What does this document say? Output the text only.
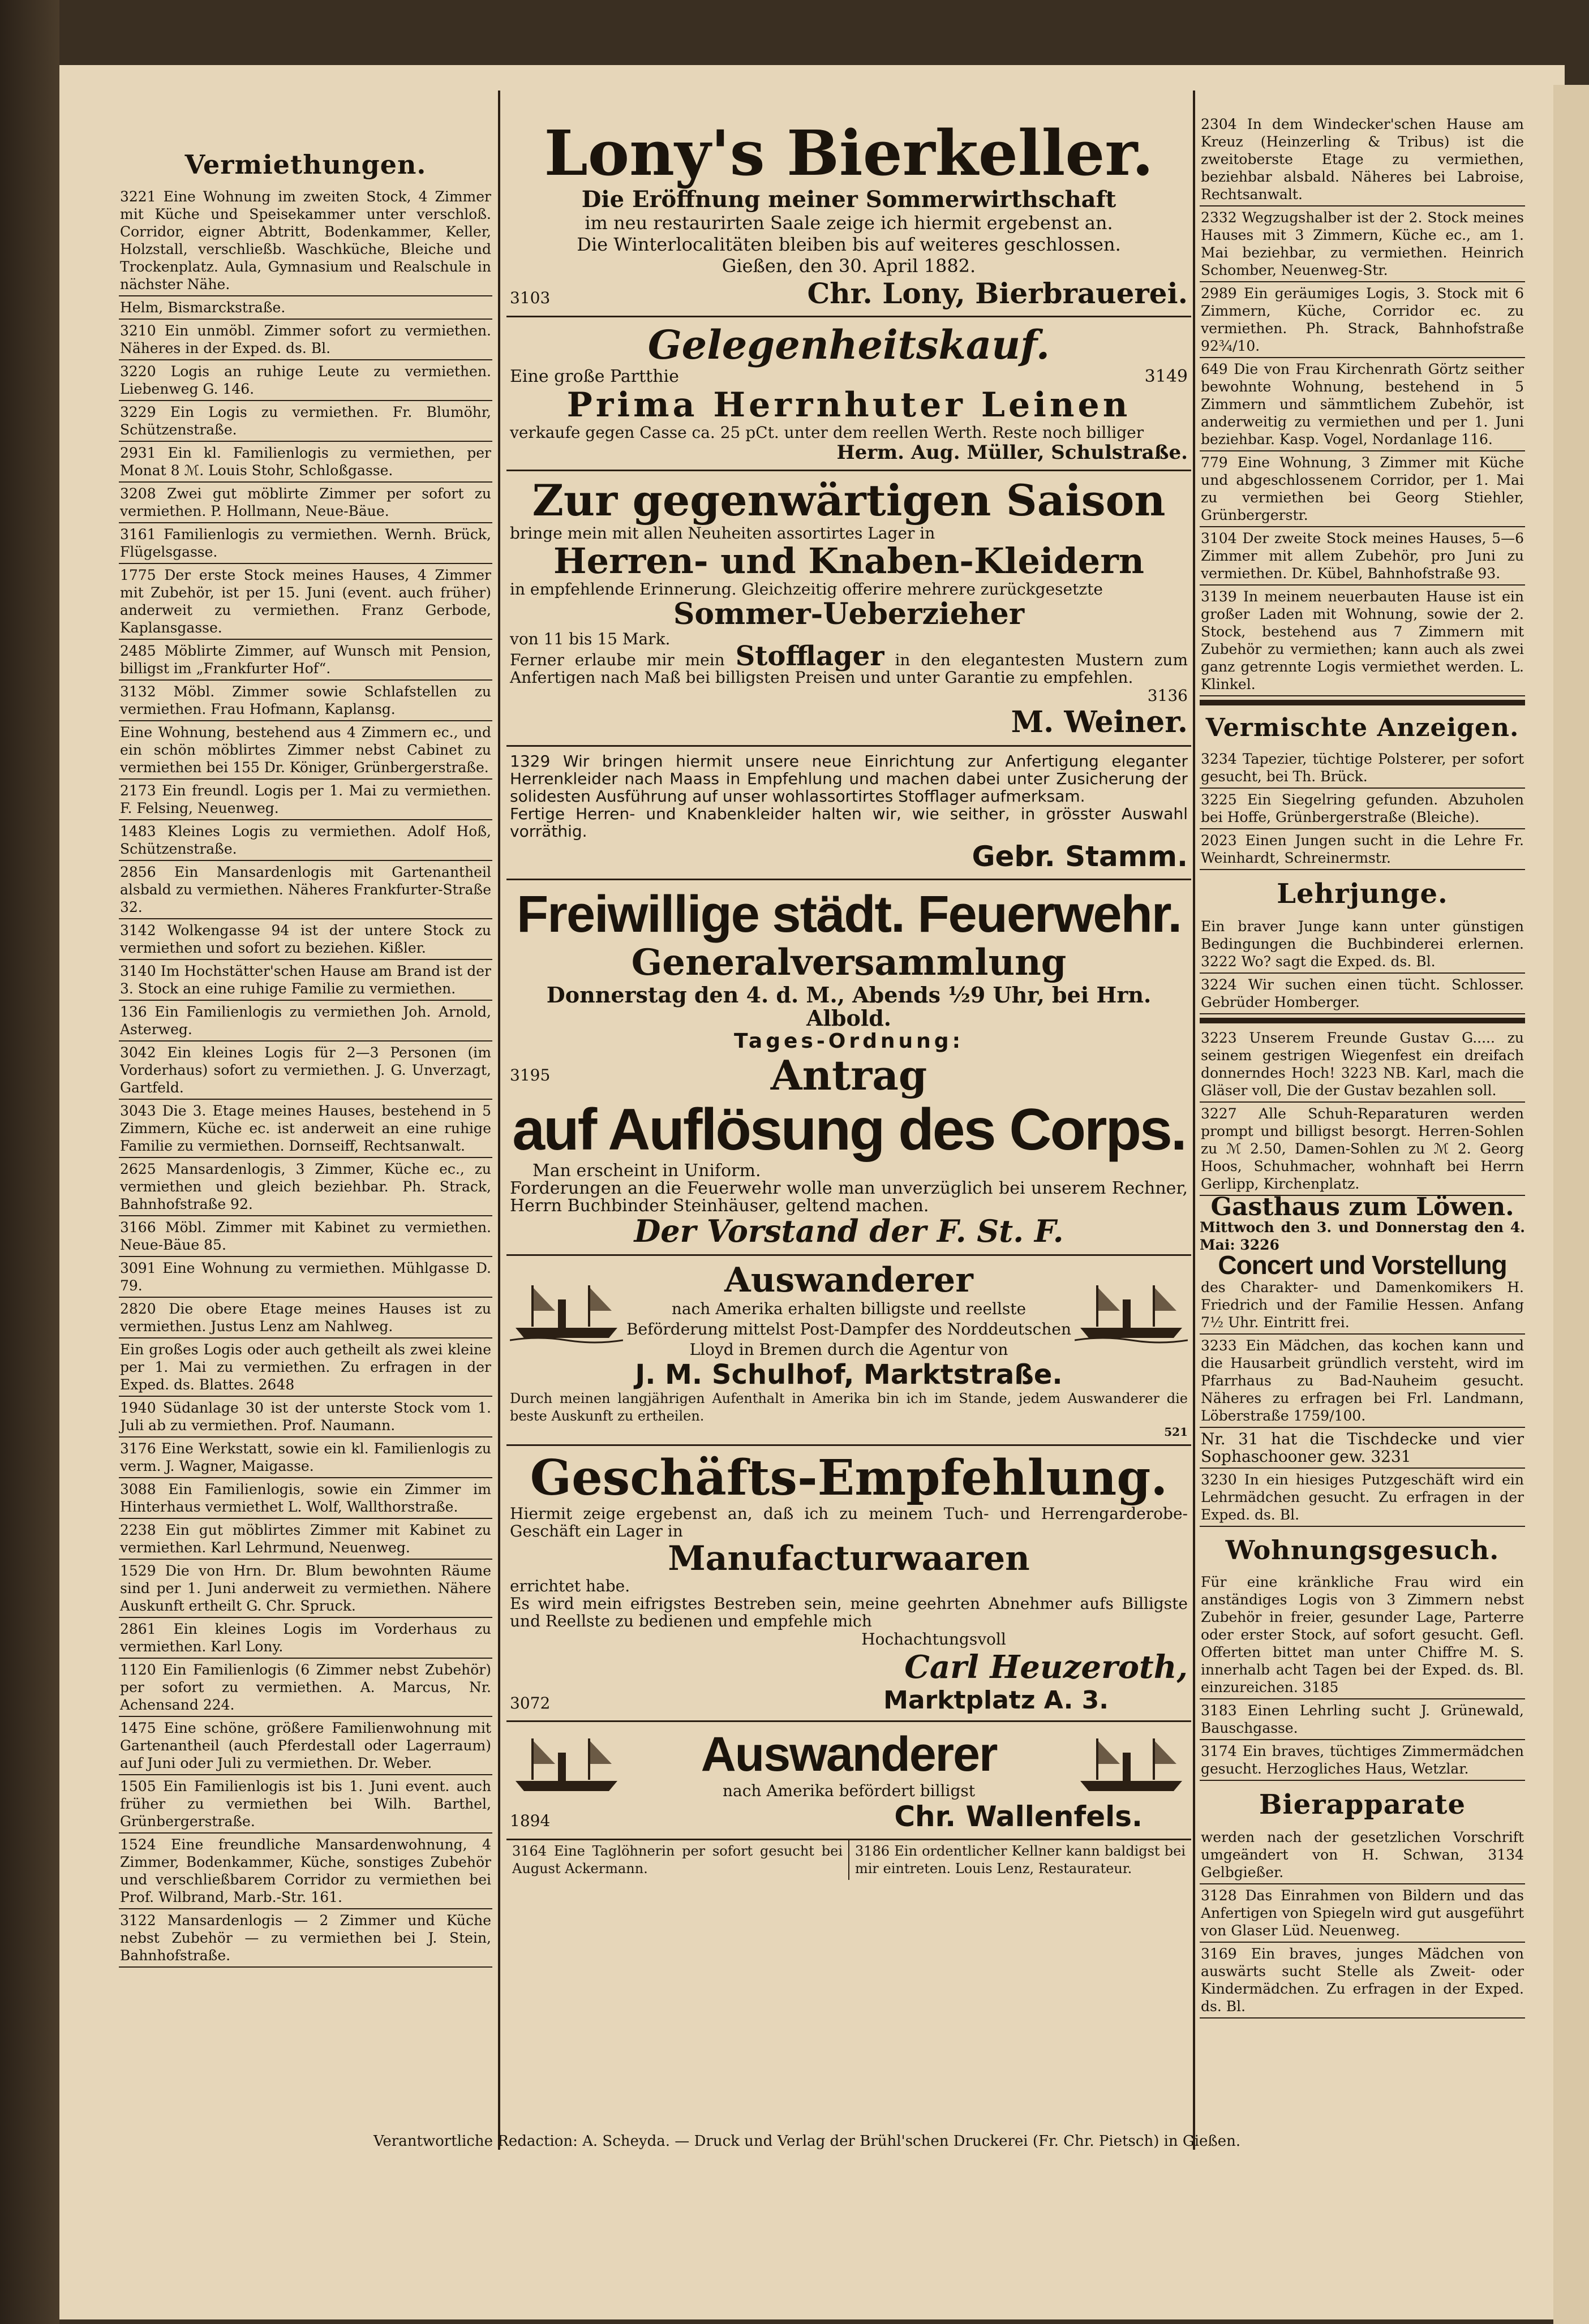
Vermiethungen.
3221 Eine Wohnung im zweiten Stock, 4 Zimmer mit Küche und Speisekammer unter verschloß. Corridor, eigner Abtritt, Bodenkammer, Keller, Holzstall, verschließb. Waschküche, Bleiche und Trockenplatz. Aula, Gymnasium und Realschule in nächster Nähe.
Helm, Bismarckstraße.
3210 Ein unmöbl. Zimmer sofort zu vermiethen. Näheres in der Exped. ds. Bl.
3220 Logis an ruhige Leute zu vermiethen. Liebenweg G. 146.
3229 Ein Logis zu vermiethen. Fr. Blumöhr, Schützenstraße.
2931 Ein kl. Familienlogis zu vermiethen, per Monat 8 ℳ. Louis Stohr, Schloßgasse.
3208 Zwei gut möblirte Zimmer per sofort zu vermiethen. P. Hollmann, Neue-Bäue.
3161 Familienlogis zu vermiethen. Wernh. Brück, Flügelsgasse.
1775 Der erste Stock meines Hauses, 4 Zimmer mit Zubehör, ist per 15. Juni (event. auch früher) anderweit zu vermiethen. Franz Gerbode, Kaplansgasse.
2485 Möblirte Zimmer, auf Wunsch mit Pension, billigst im „Frankfurter Hof“.
3132 Möbl. Zimmer sowie Schlafstellen zu vermiethen. Frau Hofmann, Kaplansg.
Eine Wohnung, bestehend aus 4 Zimmern ec., und ein schön möblirtes Zimmer nebst Cabinet zu vermiethen bei 155 Dr. Königer, Grünbergerstraße.
2173 Ein freundl. Logis per 1. Mai zu vermiethen. F. Felsing, Neuenweg.
1483 Kleines Logis zu vermiethen. Adolf Hoß, Schützenstraße.
2856 Ein Mansardenlogis mit Gartenantheil alsbald zu vermiethen. Näheres Frankfurter-Straße 32.
3142 Wolkengasse 94 ist der untere Stock zu vermiethen und sofort zu beziehen. Kißler.
3140 Im Hochstätter'schen Hause am Brand ist der 3. Stock an eine ruhige Familie zu vermiethen.
136 Ein Familienlogis zu vermiethen Joh. Arnold, Asterweg.
3042 Ein kleines Logis für 2—3 Personen (im Vorderhaus) sofort zu vermiethen. J. G. Unverzagt, Gartfeld.
3043 Die 3. Etage meines Hauses, bestehend in 5 Zimmern, Küche ec. ist anderweit an eine ruhige Familie zu vermiethen. Dornseiff, Rechtsanwalt.
2625 Mansardenlogis, 3 Zimmer, Küche ec., zu vermiethen und gleich beziehbar. Ph. Strack, Bahnhofstraße 92.
3166 Möbl. Zimmer mit Kabinet zu vermiethen. Neue-Bäue 85.
3091 Eine Wohnung zu vermiethen. Mühlgasse D. 79.
2820 Die obere Etage meines Hauses ist zu vermiethen. Justus Lenz am Nahlweg.
Ein großes Logis oder auch getheilt als zwei kleine per 1. Mai zu vermiethen. Zu erfragen in der Exped. ds. Blattes. 2648
1940 Südanlage 30 ist der unterste Stock vom 1. Juli ab zu vermiethen. Prof. Naumann.
3176 Eine Werkstatt, sowie ein kl. Familienlogis zu verm. J. Wagner, Maigasse.
3088 Ein Familienlogis, sowie ein Zimmer im Hinterhaus vermiethet L. Wolf, Wallthorstraße.
2238 Ein gut möblirtes Zimmer mit Kabinet zu vermiethen. Karl Lehrmund, Neuenweg.
1529 Die von Hrn. Dr. Blum bewohnten Räume sind per 1. Juni anderweit zu vermiethen. Nähere Auskunft ertheilt G. Chr. Spruck.
2861 Ein kleines Logis im Vorderhaus zu vermiethen. Karl Lony.
1120 Ein Familienlogis (6 Zimmer nebst Zubehör) per sofort zu vermiethen. A. Marcus, Nr. Achensand 224.
1475 Eine schöne, größere Familienwohnung mit Gartenantheil (auch Pferdestall oder Lagerraum) auf Juni oder Juli zu vermiethen. Dr. Weber.
1505 Ein Familienlogis ist bis 1. Juni event. auch früher zu vermiethen bei Wilh. Barthel, Grünbergerstraße.
1524 Eine freundliche Mansardenwohnung, 4 Zimmer, Bodenkammer, Küche, sonstiges Zubehör und verschließbarem Corridor zu vermiethen bei Prof. Wilbrand, Marb.-Str. 161.
3122 Mansardenlogis — 2 Zimmer und Küche nebst Zubehör — zu vermiethen bei J. Stein, Bahnhofstraße.
Lony's Bierkeller.
Die Eröffnung meiner Sommerwirthschaft
im neu restaurirten Saale zeige ich hiermit ergebenst an.
Die Winterlocalitäten bleiben bis auf weiteres geschlossen.
Gießen, den 30. April 1882.
3103	Chr. Lony, Bierbrauerei.
Gelegenheitskauf.
Eine große Partthie	3149
Prima Herrnhuter Leinen
verkaufe gegen Casse ca. 25 pCt. unter dem reellen Werth. Reste noch billiger
Herm. Aug. Müller, Schulstraße.
Zur gegenwärtigen Saison
bringe mein mit allen Neuheiten assortirtes Lager in
Herren- und Knaben-Kleidern
in empfehlende Erinnerung. Gleichzeitig offerire mehrere zurückgesetzte
Sommer-Ueberzieher
von 11 bis 15 Mark.
Ferner erlaube mir mein Stofflager in den elegantesten Mustern zum Anfertigen nach Maß bei billigsten Preisen und unter Garantie zu empfehlen.
3136
M. Weiner.
1329 Wir bringen hiermit unsere neue Einrichtung zur Anfertigung eleganter Herrenkleider nach Maass in Empfehlung und machen dabei unter Zusicherung der solidesten Ausführung auf unser wohlassortirtes Stofflager aufmerksam.
Fertige Herren- und Knabenkleider halten wir, wie seither, in grösster Auswahl vorräthig.
Gebr. Stamm.
Freiwillige städt. Feuerwehr.
Generalversammlung
Donnerstag den 4. d. M., Abends ½9 Uhr, bei Hrn. Albold.
Tages-Ordnung:
3195	Antrag
auf Auflösung des Corps.
Man erscheint in Uniform.
Forderungen an die Feuerwehr wolle man unverzüglich bei unserem Rechner, Herrn Buchbinder Steinhäuser, geltend machen.
Der Vorstand der F. St. F.
Auswanderer
nach Amerika erhalten billigste und reellste Beförderung mittelst Post-Dampfer des Norddeutschen Lloyd in Bremen durch die Agentur von
J. M. Schulhof, Marktstraße.
Durch meinen langjährigen Aufenthalt in Amerika bin ich im Stande, jedem Auswanderer die beste Auskunft zu ertheilen.
521
Geschäfts-Empfehlung.
Hiermit zeige ergebenst an, daß ich zu meinem Tuch- und Herrengarderobe-Geschäft ein Lager in
Manufacturwaaren
errichtet habe.
Es wird mein eifrigstes Bestreben sein, meine geehrten Abnehmer aufs Billigste und Reellste zu bedienen und empfehle mich
Hochachtungsvoll
Carl Heuzeroth,
3072	Marktplatz A. 3.
Auswanderer
nach Amerika befördert billigst
1894	Chr. Wallenfels.
3164 Eine Taglöhnerin per sofort gesucht bei August Ackermann.
3186 Ein ordentlicher Kellner kann baldigst bei mir eintreten. Louis Lenz, Restaurateur.
2304 In dem Windecker'schen Hause am Kreuz (Heinzerling & Tribus) ist die zweitoberste Etage zu vermiethen, beziehbar alsbald. Näheres bei Labroise, Rechtsanwalt.
2332 Wegzugshalber ist der 2. Stock meines Hauses mit 3 Zimmern, Küche ec., am 1. Mai beziehbar, zu vermiethen. Heinrich Schomber, Neuenweg-Str.
2989 Ein geräumiges Logis, 3. Stock mit 6 Zimmern, Küche, Corridor ec. zu vermiethen. Ph. Strack, Bahnhofstraße 92¾/10.
649 Die von Frau Kirchenrath Görtz seither bewohnte Wohnung, bestehend in 5 Zimmern und sämmtlichem Zubehör, ist anderweitig zu vermiethen und per 1. Juni beziehbar. Kasp. Vogel, Nordanlage 116.
779 Eine Wohnung, 3 Zimmer mit Küche und abgeschlossenem Corridor, per 1. Mai zu vermiethen bei Georg Stiehler, Grünbergerstr.
3104 Der zweite Stock meines Hauses, 5—6 Zimmer mit allem Zubehör, pro Juni zu vermiethen. Dr. Kübel, Bahnhofstraße 93.
3139 In meinem neuerbauten Hause ist ein großer Laden mit Wohnung, sowie der 2. Stock, bestehend aus 7 Zimmern mit Zubehör zu vermiethen; kann auch als zwei ganz getrennte Logis vermiethet werden. L. Klinkel.
Vermischte Anzeigen.
3234 Tapezier, tüchtige Polsterer, per sofort gesucht, bei Th. Brück.
3225 Ein Siegelring gefunden. Abzuholen bei Hoffe, Grünbergerstraße (Bleiche).
2023 Einen Jungen sucht in die Lehre Fr. Weinhardt, Schreinermstr.
Lehrjunge.
Ein braver Junge kann unter günstigen Bedingungen die Buchbinderei erlernen. 3222 Wo? sagt die Exped. ds. Bl.
3224 Wir suchen einen tücht. Schlosser. Gebrüder Homberger.
3223 Unserem Freunde Gustav G..... zu seinem gestrigen Wiegenfest ein dreifach donnerndes Hoch! 3223 NB. Karl, mach die Gläser voll, Die der Gustav bezahlen soll.
3227 Alle Schuh-Reparaturen werden prompt und billigst besorgt. Herren-Sohlen zu ℳ 2.50, Damen-Sohlen zu ℳ 2. Georg Hoos, Schuhmacher, wohnhaft bei Herrn Gerlipp, Kirchenplatz.
Gasthaus zum Löwen.
Mittwoch den 3. und Donnerstag den 4. Mai: 3226
Concert und Vorstellung
des Charakter- und Damenkomikers H. Friedrich und der Familie Hessen. Anfang 7½ Uhr. Eintritt frei.
3233 Ein Mädchen, das kochen kann und die Hausarbeit gründlich versteht, wird im Pfarrhaus zu Bad-Nauheim gesucht. Näheres zu erfragen bei Frl. Landmann, Löberstraße 1759/100.
Nr. 31 hat die Tischdecke und vier Sophaschooner gew. 3231
3230 In ein hiesiges Putzgeschäft wird ein Lehrmädchen gesucht. Zu erfragen in der Exped. ds. Bl.
Wohnungsgesuch.
Für eine kränkliche Frau wird ein anständiges Logis von 3 Zimmern nebst Zubehör in freier, gesunder Lage, Parterre oder erster Stock, auf sofort gesucht. Gefl. Offerten bittet man unter Chiffre M. S. innerhalb acht Tagen bei der Exped. ds. Bl. einzureichen. 3185
3183 Einen Lehrling sucht J. Grünewald, Bauschgasse.
3174 Ein braves, tüchtiges Zimmermädchen gesucht. Herzogliches Haus, Wetzlar.
Bierapparate
werden nach der gesetzlichen Vorschrift umgeändert von H. Schwan, 3134 Gelbgießer.
3128 Das Einrahmen von Bildern und das Anfertigen von Spiegeln wird gut ausgeführt von Glaser Lüd. Neuenweg.
3169 Ein braves, junges Mädchen von auswärts sucht Stelle als Zweit- oder Kindermädchen. Zu erfragen in der Exped. ds. Bl.
Verantwortliche Redaction: A. Scheyda. — Druck und Verlag der Brühl'schen Druckerei (Fr. Chr. Pietsch) in Gießen.
